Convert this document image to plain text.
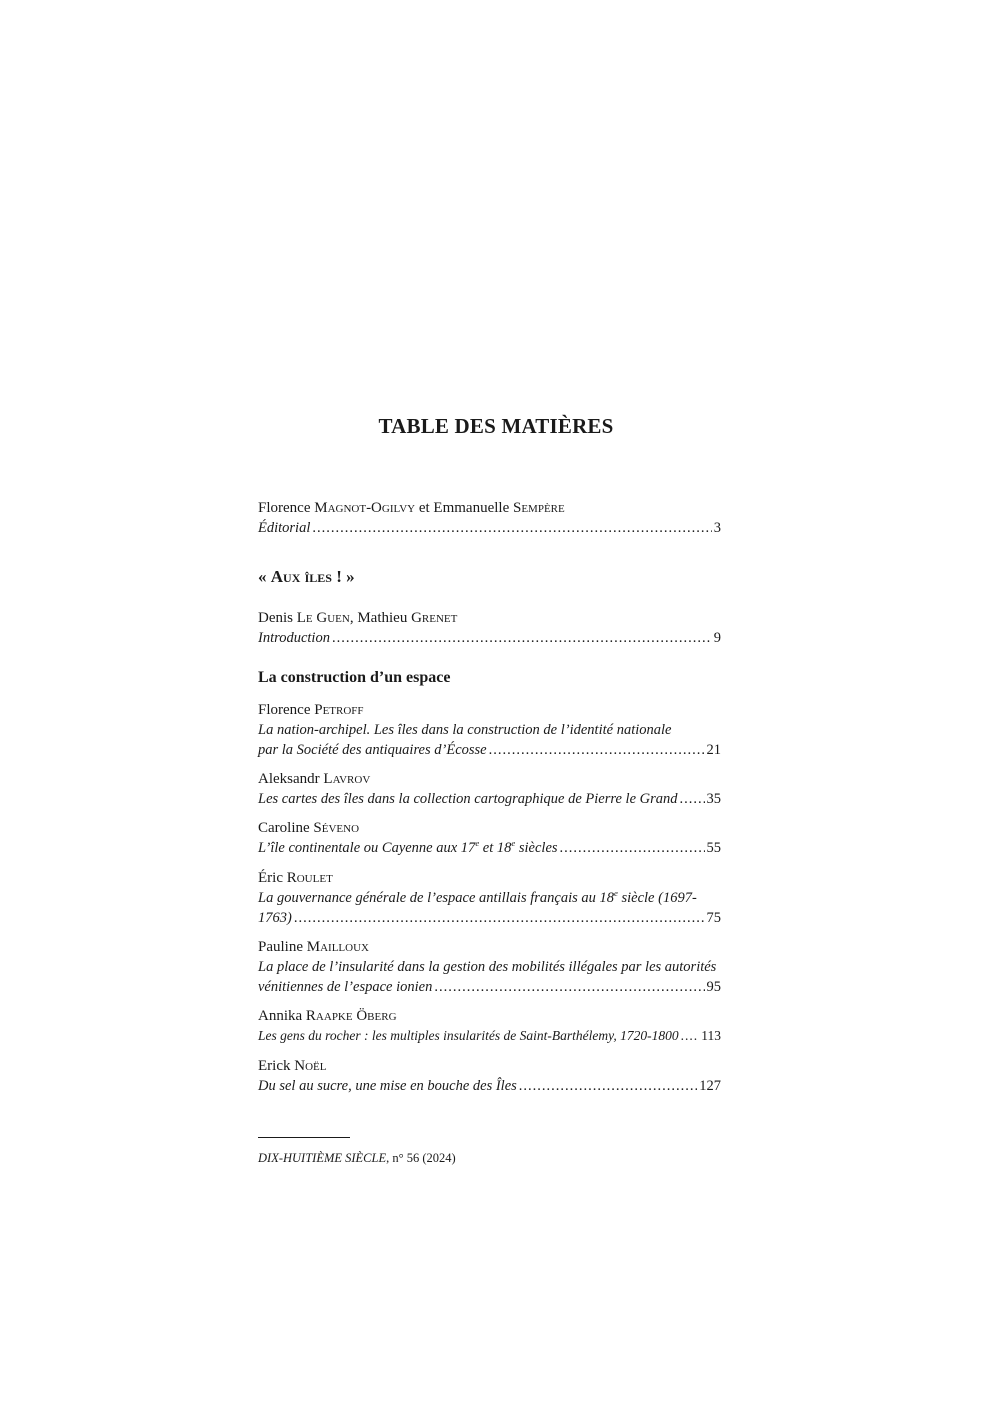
TABLE DES MATIÈRES
Florence Magnot-Ogilvy et Emmanuelle Sempère
Éditorial .....	3
« Aux îles ! »
Denis Le Guen, Mathieu Grenet
Introduction .....	9
La construction d’un espace
Florence Petroff
La nation-archipel. Les îles dans la construction de l’identité nationale
par la Société des antiquaires d’Écosse .....	21
Aleksandr Lavrov
Les cartes des îles dans la collection cartographique de Pierre le Grand ..... 35
Caroline Séveno
L’île continentale ou Cayenne aux 17e et 18e siècles .....	55
Éric Roulet
La gouvernance générale de l’espace antillais français au 18e siècle (1697-
1763) .....	75
Pauline Mailloux
La place de l’insularité dans la gestion des mobilités illégales par les autorités
vénitiennes de l’espace ionien .....	95
Annika Raapke Öberg
Les gens du rocher : les multiples insularités de Saint-Barthélemy, 1720-1800 ..... 113
Erick Noël
Du sel au sucre, une mise en bouche des Îles .....	127
DIX-HUITIÈME SIÈCLE, n° 56 (2024)
